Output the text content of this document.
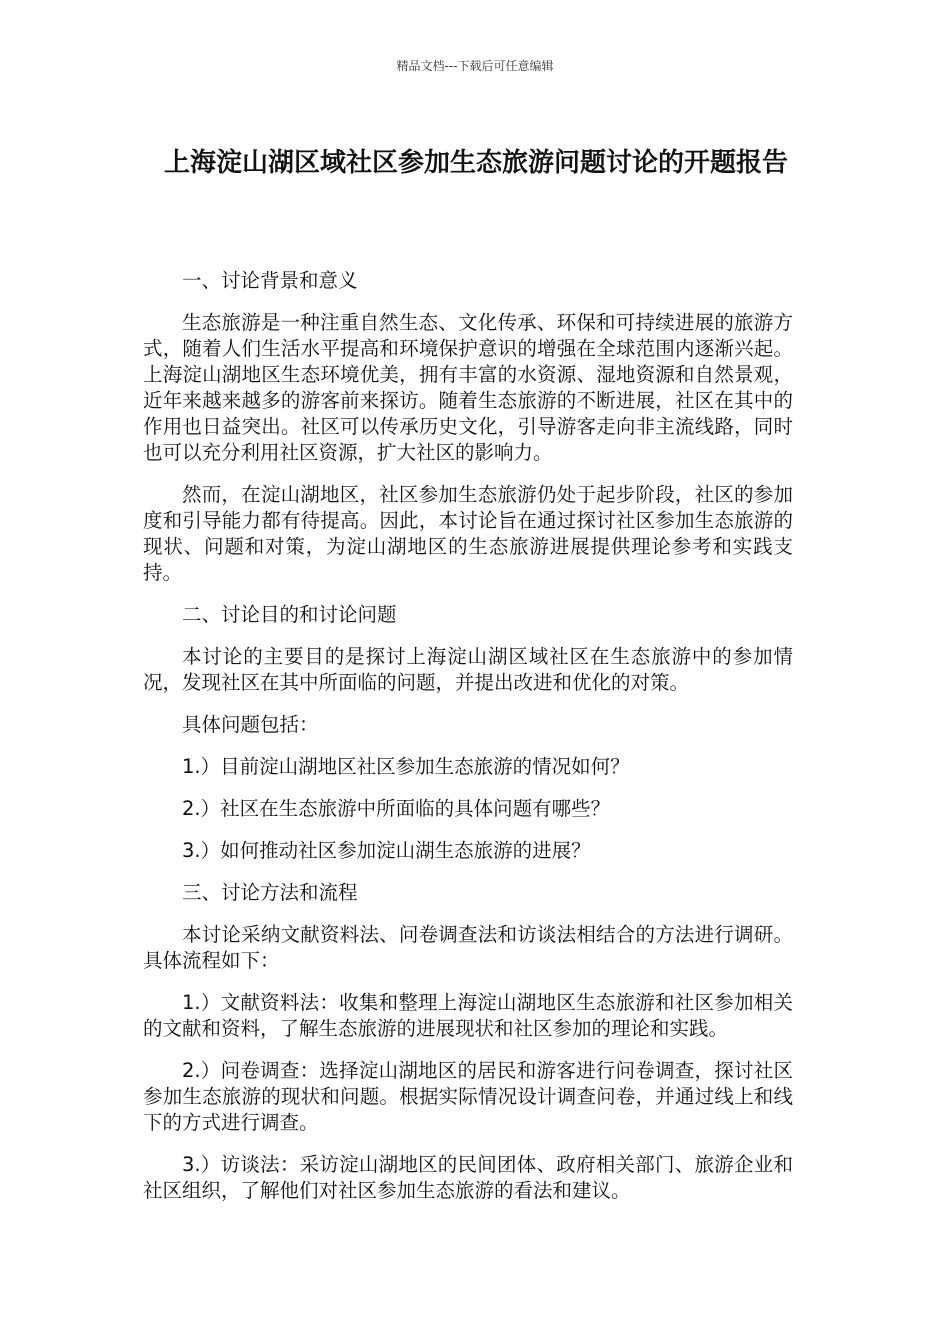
精品文档---下载后可任意编辑
上海淀山湖区域社区参加生态旅游问题讨论的开题报告

一、讨论背景和意义

生态旅游是一种注重自然生态、文化传承、环保和可持续进展的旅游方式，随着人们生活水平提高和环境保护意识的增强在全球范围内逐渐兴起。上海淀山湖地区生态环境优美，拥有丰富的水资源、湿地资源和自然景观，近年来越来越多的游客前来探访。随着生态旅游的不断进展，社区在其中的作用也日益突出。社区可以传承历史文化，引导游客走向非主流线路，同时也可以充分利用社区资源，扩大社区的影响力。

然而，在淀山湖地区，社区参加生态旅游仍处于起步阶段，社区的参加度和引导能力都有待提高。因此，本讨论旨在通过探讨社区参加生态旅游的现状、问题和对策，为淀山湖地区的生态旅游进展提供理论参考和实践支持。

二、讨论目的和讨论问题

本讨论的主要目的是探讨上海淀山湖区域社区在生态旅游中的参加情况，发现社区在其中所面临的问题，并提出改进和优化的对策。

具体问题包括：

1.）目前淀山湖地区社区参加生态旅游的情况如何？

2.）社区在生态旅游中所面临的具体问题有哪些？

3.）如何推动社区参加淀山湖生态旅游的进展？

三、讨论方法和流程

本讨论采纳文献资料法、问卷调查法和访谈法相结合的方法进行调研。具体流程如下：

1.）文献资料法：收集和整理上海淀山湖地区生态旅游和社区参加相关的文献和资料，了解生态旅游的进展现状和社区参加的理论和实践。

2.）问卷调查：选择淀山湖地区的居民和游客进行问卷调查，探讨社区参加生态旅游的现状和问题。根据实际情况设计调查问卷，并通过线上和线下的方式进行调查。

3.）访谈法：采访淀山湖地区的民间团体、政府相关部门、旅游企业和社区组织，了解他们对社区参加生态旅游的看法和建议。
